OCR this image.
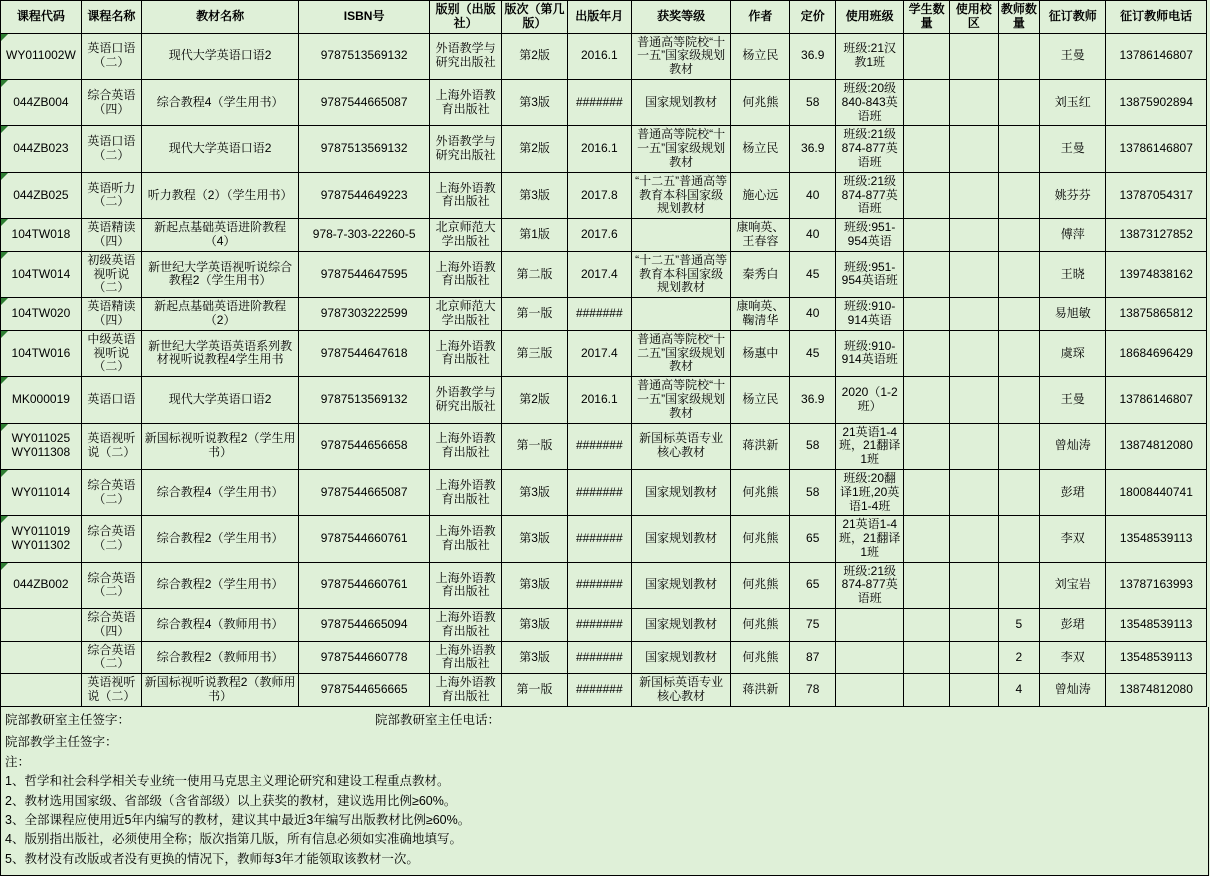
课程代码	课程名称	教材名称	ISBN号	版别（出版社）	版次（第几版）	出版年月	获奖等级	作者	定价	使用班级	学生数量	使用校区	教师数量	征订教师	征订教师电话
WY011002W	英语口语（二）	现代大学英语口语2	9787513569132	外语教学与研究出版社	第2版	2016.1	普通高等院校“十一五”国家级规划教材	杨立民	36.9	班级:21汉教1班				王曼	13786146807
044ZB004	综合英语（四）	综合教程4（学生用书）	9787544665087	上海外语教育出版社	第3版	#######	国家规划教材	何兆熊	58	班级:20级840-843英语班				刘玉红	13875902894
044ZB023	英语口语（二）	现代大学英语口语2	9787513569132	外语教学与研究出版社	第2版	2016.1	普通高等院校“十一五”国家级规划教材	杨立民	36.9	班级:21级874-877英语班				王曼	13786146807
044ZB025	英语听力（二）	听力教程（2）（学生用书）	9787544649223	上海外语教育出版社	第3版	2017.8	“十二五”普通高等教育本科国家级规划教材	施心远	40	班级:21级874-877英语班				姚芬芬	13787054317
104TW018	英语精读（四）	新起点基础英语进阶教程（4）	978-7-303-22260-5	北京师范大学出版社	第1版	2017.6		康响英、王春容	40	班级:951-954英语				傅萍	13873127852
104TW014	初级英语视听说（二）	新世纪大学英语视听说综合教程2（学生用书）	9787544647595	上海外语教育出版社	第二版	2017.4	“十二五”普通高等教育本科国家级规划教材	秦秀白	45	班级:951-954英语班				王晓	13974838162
104TW020	英语精读（四）	新起点基础英语进阶教程（2）	9787303222599	北京师范大学出版社	第一版	#######		康响英、鞠清华	40	班级:910-914英语				易旭敏	13875865812
104TW016	中级英语视听说（二）	新世纪大学英语英语系列教材视听说教程4学生用书	9787544647618	上海外语教育出版社	第三版	2017.4	普通高等院校“十二五”国家级规划教材	杨惠中	45	班级:910-914英语班				虞琛	18684696429
MK000019	英语口语	现代大学英语口语2	9787513569132	外语教学与研究出版社	第2版	2016.1	普通高等院校“十一五”国家级规划教材	杨立民	36.9	2020（1-2班）				王曼	13786146807
WY011025 WY011308	英语视听说（二）	新国标视听说教程2（学生用书）	9787544656658	上海外语教育出版社	第一版	#######	新国标英语专业核心教材	蒋洪新	58	21英语1-4班，21翻译1班				曾灿涛	13874812080
WY011014	综合英语（二）	综合教程4（学生用书）	9787544665087	上海外语教育出版社	第3版	#######	国家规划教材	何兆熊	58	班级:20翻译1班,20英语1-4班				彭珺	18008440741
WY011019 WY011302	综合英语（二）	综合教程2（学生用书）	9787544660761	上海外语教育出版社	第3版	#######	国家规划教材	何兆熊	65	21英语1-4班，21翻译1班				李双	13548539113
044ZB002	综合英语（二）	综合教程2（学生用书）	9787544660761	上海外语教育出版社	第3版	#######	国家规划教材	何兆熊	65	班级:21级874-877英语班				刘宝岩	13787163993
	综合英语（四）	综合教程4（教师用书）	9787544665094	上海外语教育出版社	第3版	#######	国家规划教材	何兆熊	75				5	彭珺	13548539113
	综合英语（二）	综合教程2（教师用书）	9787544660778	上海外语教育出版社	第3版	#######	国家规划教材	何兆熊	87				2	李双	13548539113
	英语视听说（二）	新国标视听说教程2（教师用书）	9787544656665	上海外语教育出版社	第一版	#######	新国标英语专业核心教材	蒋洪新	78				4	曾灿涛	13874812080
院部教研室主任签字：	院部教研室主任电话：
院部教学主任签字：
注：
1、哲学和社会科学相关专业统一使用马克思主义理论研究和建设工程重点教材。
2、教材选用国家级、省部级（含省部级）以上获奖的教材，建议选用比例≥60%。
3、全部课程应使用近5年内编写的教材，建议其中最近3年编写出版教材比例≥60%。
4、版别指出版社，必须使用全称；版次指第几版，所有信息必须如实准确地填写。
5、教材没有改版或者没有更换的情况下，教师每3年才能领取该教材一次。
